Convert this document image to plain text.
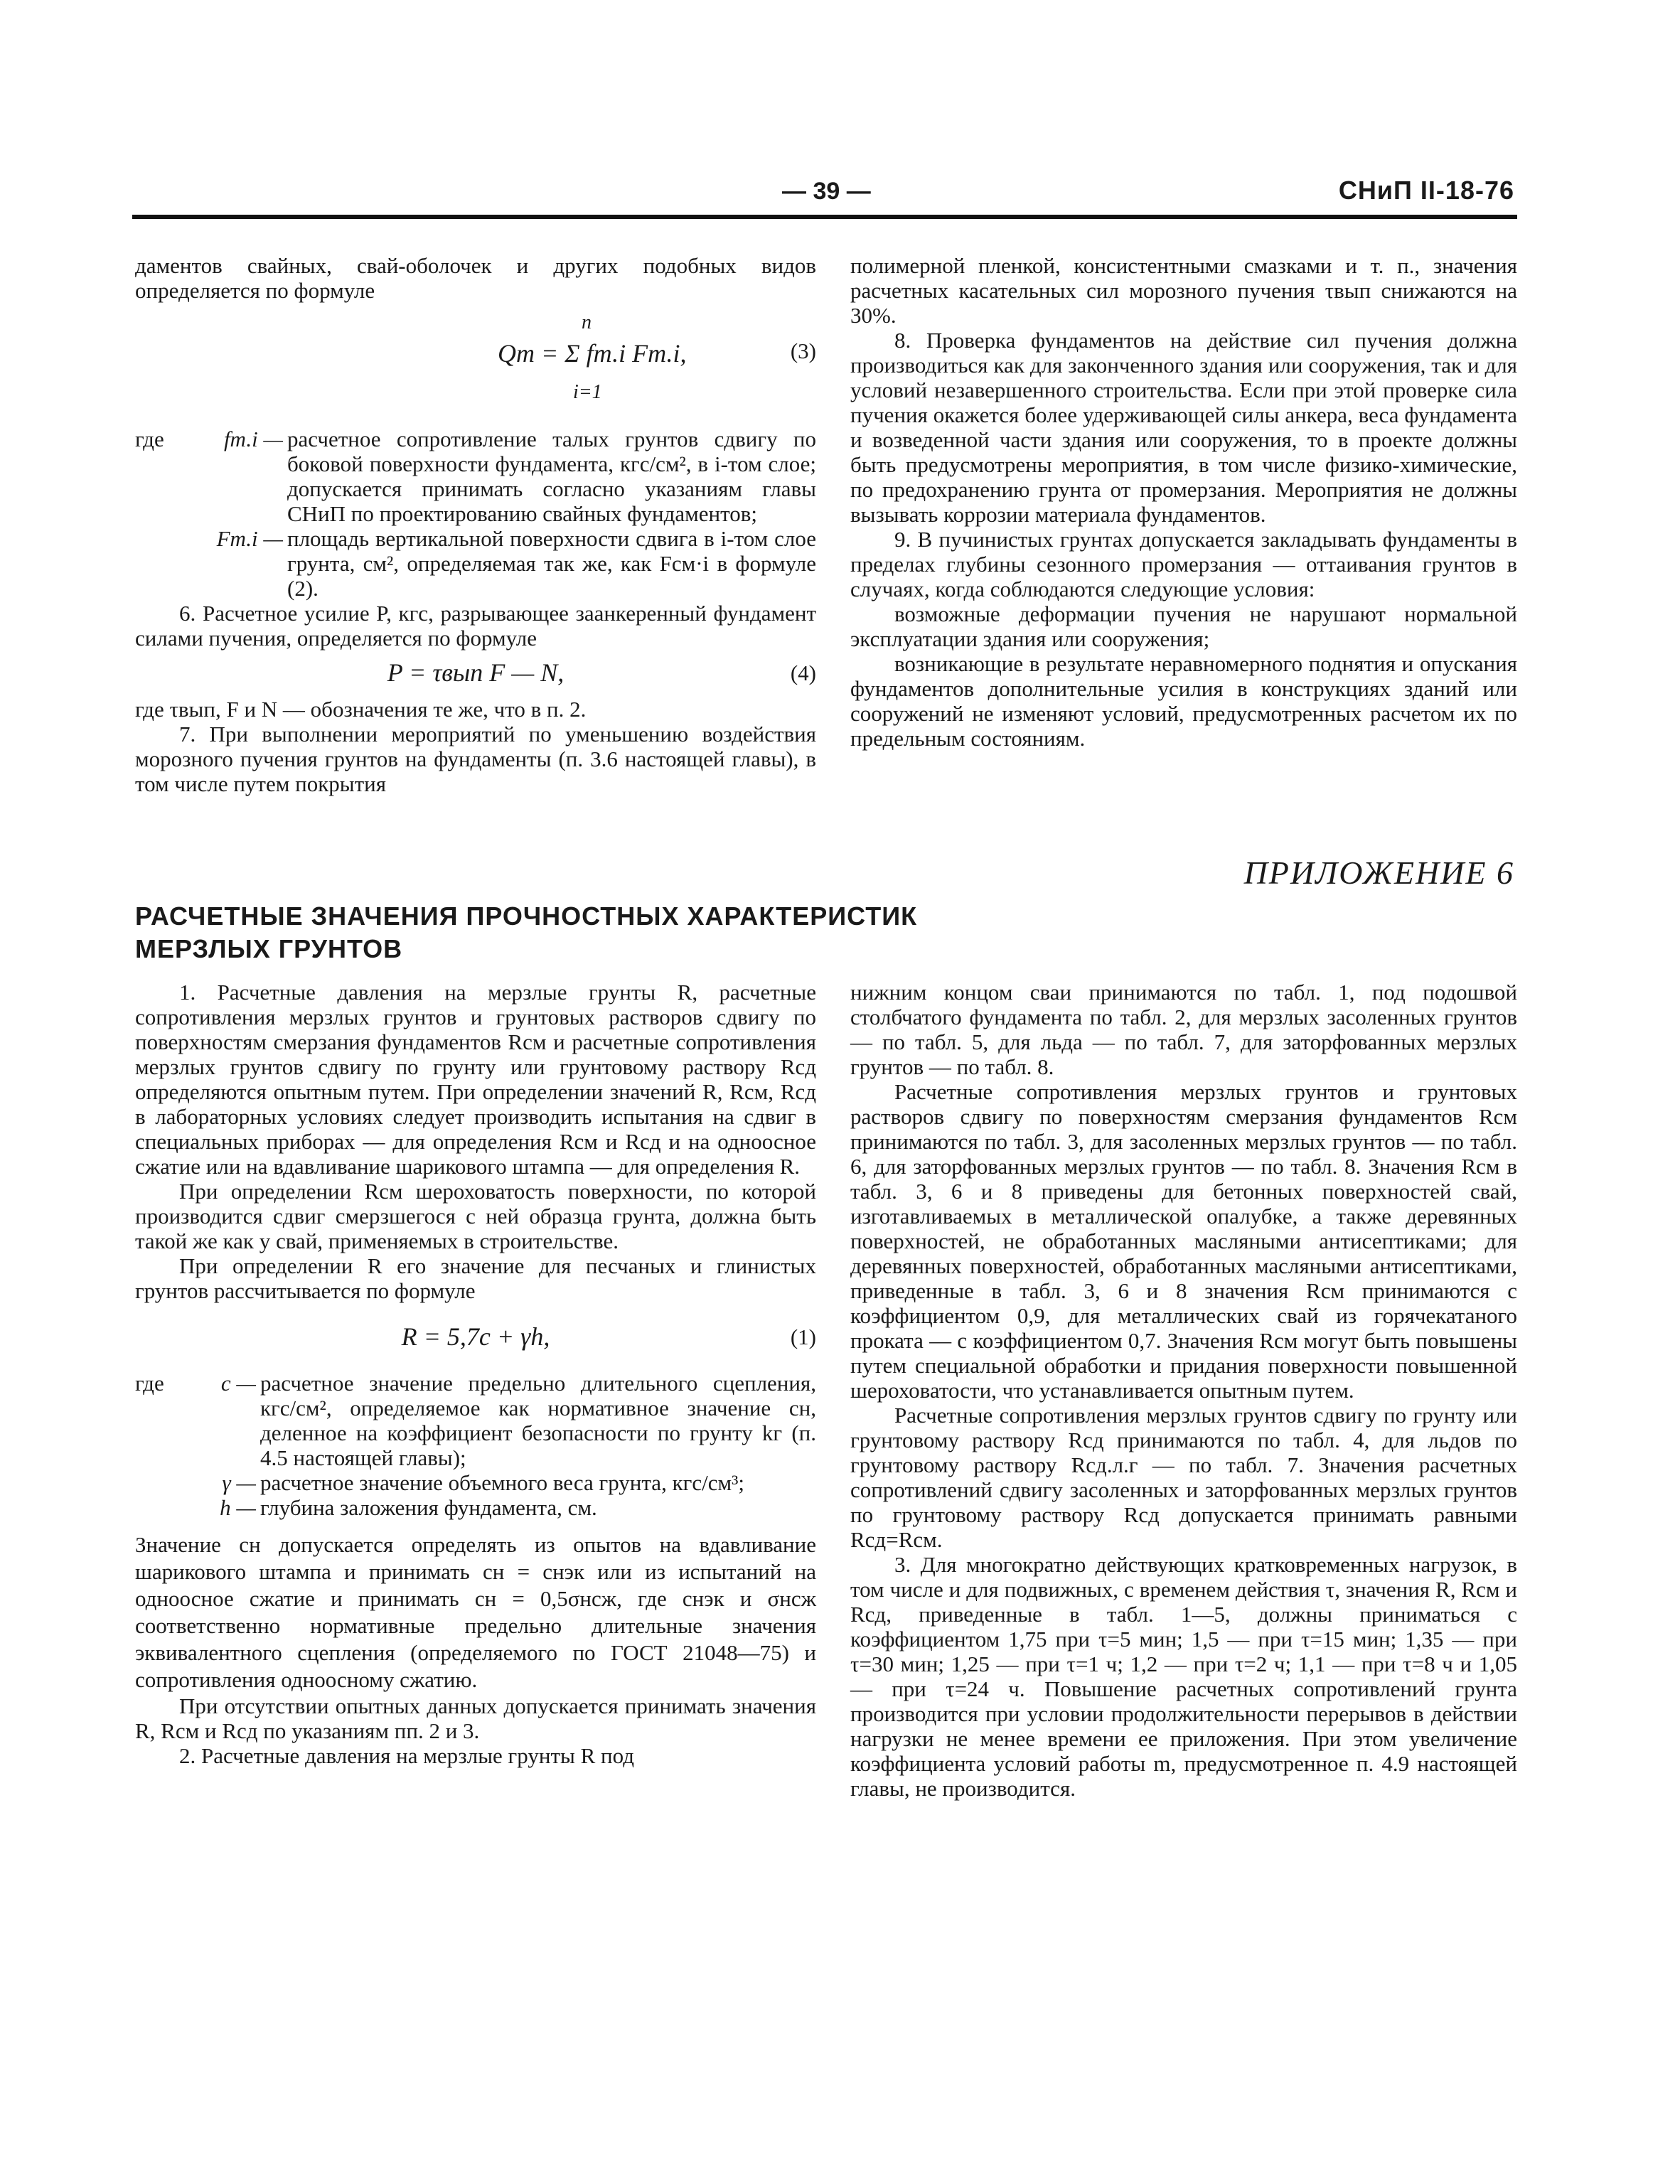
— 39 —	СНиП II-18-76

даментов свайных, свай-оболочек и других подобных видов определяется по формуле

n
Qт = Σ fт.i Fт.i,
i=1
(3)
где	fт.i — расчетное сопротивление талых грунтов сдвигу по боковой поверхности фундамента, кгс/см², в i-том слое; допускается принимать согласно указаниям главы СНиП по проектированию свайных фундаментов;
Fт.i — площадь вертикальной поверхности сдвига в i-том слое грунта, см², определяемая так же, как Fсм·i в формуле (2).

6. Расчетное усилие P, кгс, разрывающее заанкеренный фундамент силами пучения, определяется по формуле

P = τвып F — N,	(4)

где τвып, F и N — обозначения те же, что в п. 2.

7. При выполнении мероприятий по уменьшению воздействия морозного пучения грунтов на фундаменты (п. 3.6 настоящей главы), в том числе путем покрытия

полимерной пленкой, консистентными смазками и т. п., значения расчетных касательных сил морозного пучения τвып снижаются на 30%.

8. Проверка фундаментов на действие сил пучения должна производиться как для законченного здания или сооружения, так и для условий незавершенного строительства. Если при этой проверке сила пучения окажется более удерживающей силы анкера, веса фундамента и возведенной части здания или сооружения, то в проекте должны быть предусмотрены мероприятия, в том числе физико-химические, по предохранению грунта от промерзания. Мероприятия не должны вызывать коррозии материала фундаментов.

9. В пучинистых грунтах допускается закладывать фундаменты в пределах глубины сезонного промерзания — оттаивания грунтов в случаях, когда соблюдаются следующие условия:

возможные деформации пучения не нарушают нормальной эксплуатации здания или сооружения;

возникающие в результате неравномерного поднятия и опускания фундаментов дополнительные усилия в конструкциях зданий или сооружений не изменяют условий, предусмотренных расчетом их по предельным состояниям.

ПРИЛОЖЕНИЕ 6
РАСЧЕТНЫЕ ЗНАЧЕНИЯ ПРОЧНОСТНЫХ ХАРАКТЕРИСТИК МЕРЗЛЫХ ГРУНТОВ

1. Расчетные давления на мерзлые грунты R, расчетные сопротивления мерзлых грунтов и грунтовых растворов сдвигу по поверхностям смерзания фундаментов Rсм и расчетные сопротивления мерзлых грунтов сдвигу по грунту или грунтовому раствору Rсд определяются опытным путем. При определении значений R, Rсм, Rсд в лабораторных условиях следует производить испытания на сдвиг в специальных приборах — для определения Rсм и Rсд и на одноосное сжатие или на вдавливание шарикового штампа — для определения R.

При определении Rсм шероховатость поверхности, по которой производится сдвиг смерзшегося с ней образца грунта, должна быть такой же как у свай, применяемых в строительстве.

При определении R его значение для песчаных и глинистых грунтов рассчитывается по формуле

R = 5,7c + γh,	(1)
где	c — расчетное значение предельно длительного сцепления, кгс/см², определяемое как нормативное значение cн, деленное на коэффициент безопасности по грунту kг (п. 4.5 настоящей главы);
γ — расчетное значение объемного веса грунта, кгс/см³;
h — глубина заложения фундамента, см.

Значение cн допускается определять из опытов на вдавливание шарикового штампа и принимать cн = cнэк или из испытаний на одноосное сжатие и принимать cн = 0,5σнсж, где cнэк и σнсж соответственно нормативные предельно длительные значения эквивалентного сцепления (определяемого по ГОСТ 21048—75) и сопротивления одноосному сжатию.

При отсутствии опытных данных допускается принимать значения R, Rсм и Rсд по указаниям пп. 2 и 3.

2. Расчетные давления на мерзлые грунты R под

нижним концом сваи принимаются по табл. 1, под подошвой столбчатого фундамента по табл. 2, для мерзлых засоленных грунтов — по табл. 5, для льда — по табл. 7, для заторфованных мерзлых грунтов — по табл. 8.

Расчетные сопротивления мерзлых грунтов и грунтовых растворов сдвигу по поверхностям смерзания фундаментов Rсм принимаются по табл. 3, для засоленных мерзлых грунтов — по табл. 6, для заторфованных мерзлых грунтов — по табл. 8. Значения Rсм в табл. 3, 6 и 8 приведены для бетонных поверхностей свай, изготавливаемых в металлической опалубке, а также деревянных поверхностей, не обработанных масляными антисептиками; для деревянных поверхностей, обработанных масляными антисептиками, приведенные в табл. 3, 6 и 8 значения Rсм принимаются с коэффициентом 0,9, для металлических свай из горячекатаного проката — с коэффициентом 0,7. Значения Rсм могут быть повышены путем специальной обработки и придания поверхности повышенной шероховатости, что устанавливается опытным путем.

Расчетные сопротивления мерзлых грунтов сдвигу по грунту или грунтовому раствору Rсд принимаются по табл. 4, для льдов по грунтовому раствору Rсд.л.г — по табл. 7. Значения расчетных сопротивлений сдвигу засоленных и заторфованных мерзлых грунтов по грунтовому раствору Rсд допускается принимать равными Rсд=Rсм.

3. Для многократно действующих кратковременных нагрузок, в том числе и для подвижных, с временем действия τ, значения R, Rсм и Rсд, приведенные в табл. 1—5, должны приниматься с коэффициентом 1,75 при τ=5 мин; 1,5 — при τ=15 мин; 1,35 — при τ=30 мин; 1,25 — при τ=1 ч; 1,2 — при τ=2 ч; 1,1 — при τ=8 ч и 1,05 — при τ=24 ч. Повышение расчетных сопротивлений грунта производится при условии продолжительности перерывов в действии нагрузки не менее времени ее приложения. При этом увеличение коэффициента условий работы m, предусмотренное п. 4.9 настоящей главы, не производится.
